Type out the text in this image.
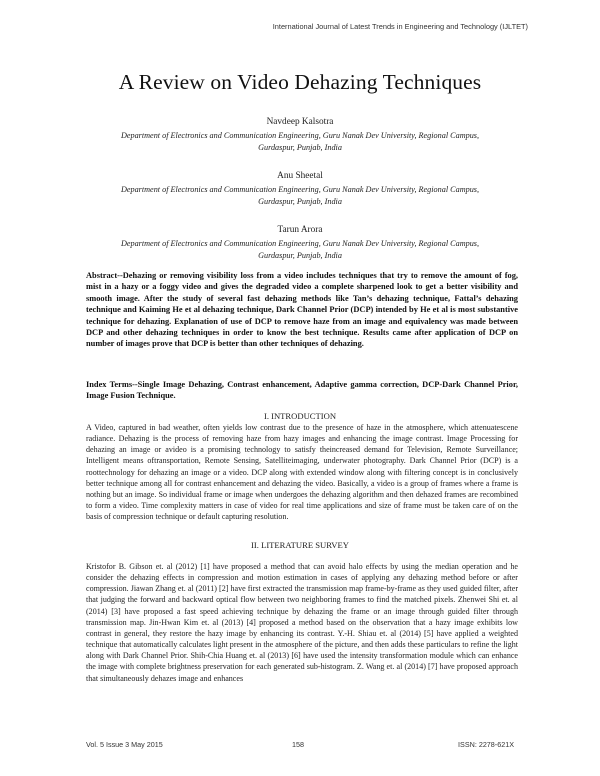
International Journal of Latest Trends in Engineering and Technology (IJLTET)
A Review on Video Dehazing Techniques
Navdeep Kalsotra
Department of Electronics and Communication Engineering, Guru Nanak Dev University, Regional Campus,
Gurdaspur, Punjab, India
Anu Sheetal
Department of Electronics and Communication Engineering, Guru Nanak Dev University, Regional Campus,
Gurdaspur, Punjab, India
Tarun Arora
Department of Electronics and Communication Engineering, Guru Nanak Dev University, Regional Campus,
Gurdaspur, Punjab, India

Abstract--Dehazing or removing visibility loss from a video includes techniques that try to remove the amount of fog, mist in a hazy or a foggy video and gives the degraded video a complete sharpened look to get a better visibility and smooth image. After the study of several fast dehazing methods like Tan’s dehazing technique, Fattal’s dehazing technique and Kaiming He et al dehazing technique, Dark Channel Prior (DCP) intended by He et al is most substantive technique for dehazing. Explanation of use of DCP to remove haze from an image and equivalency was made between DCP and other dehazing techniques in order to know the best technique. Results came after application of DCP on number of images prove that DCP is better than other techniques of dehazing.

Index Terms--Single Image Dehazing, Contrast enhancement, Adaptive gamma correction, DCP-Dark Channel Prior, Image Fusion Technique.

I. INTRODUCTION

A Video, captured in bad weather, often yields low contrast due to the presence of haze in the atmosphere, which attenuatescene radiance. Dehazing is the process of removing haze from hazy images and enhancing the image contrast. Image Processing for dehazing an image or avideo is a promising technology to satisfy theincreased demand for Television, Remote Surveillance; Intelligent means oftransportation, Remote Sensing, Satelliteimaging, underwater photography. Dark Channel Prior (DCP) is a roottechnology for dehazing an image or a video. DCP along with extended window along with filtering concept is in conclusively better technique among all for contrast enhancement and dehazing the video. Basically, a video is a group of frames where a frame is nothing but an image. So individual frame or image when undergoes the dehazing algorithm and then dehazed frames are recombined to form a video. Time complexity matters in case of video for real time applications and size of frame must be taken care of on the basis of compression technique or default capturing resolution.

II. LITERATURE SURVEY

Kristofor B. Gibson et. al (2012) [1] have proposed a method that can avoid halo effects by using the median operation and he consider the dehazing effects in compression and motion estimation in cases of applying any dehazing method before or after compression. Jiawan Zhang et. al (2011) [2] have first extracted the transmission map frame-by-frame as they used guided filter, after that judging the forward and backward optical flow between two neighboring frames to find the matched pixels. Zhenwei Shi et. al (2014) [3] have proposed a fast speed achieving technique by dehazing the frame or an image through guided filter through transmission map. Jin-Hwan Kim et. al (2013) [4] proposed a method based on the observation that a hazy image exhibits low contrast in general, they restore the hazy image by enhancing its contrast. Y.-H. Shiau et. al (2014) [5] have applied a weighted technique that automatically calculates light present in the atmosphere of the picture, and then adds these particulars to refine the light along with Dark Channel Prior. Shih-Chia Huang et. al (2013) [6] have used the intensity transformation module which can enhance the image with complete brightness preservation for each generated sub-histogram. Z. Wang et. al (2014) [7] have proposed approach that simultaneously dehazes image and enhances

Vol. 5 Issue 3 May 2015	158	ISSN: 2278-621X
